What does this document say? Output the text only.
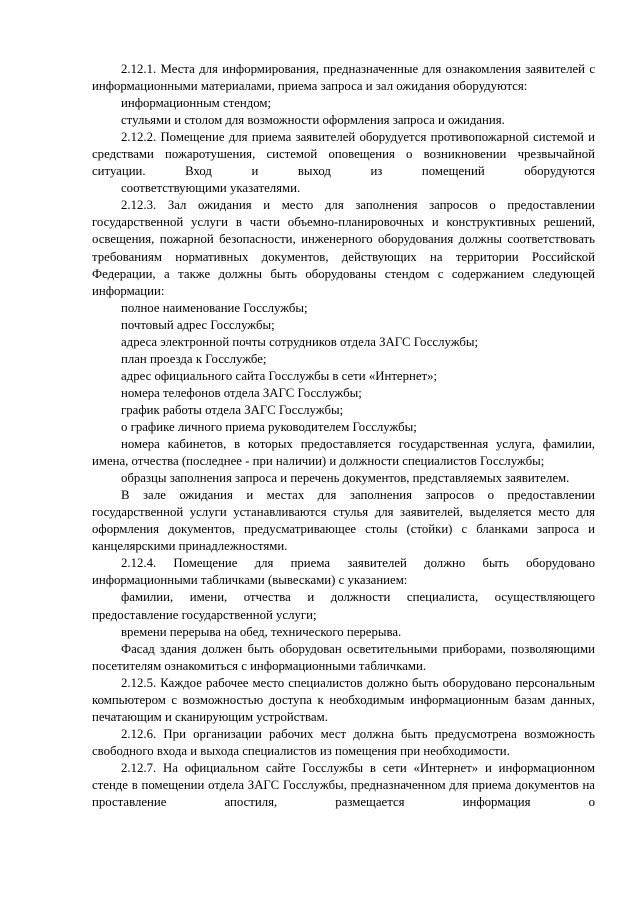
2.12.1. Места для информирования, предназначенные для ознакомления заявителей с информационными материалами, приема запроса и зал ожидания оборудуются:

информационным стендом;

стульями и столом для возможности оформления запроса и ожидания.

2.12.2. Помещение для приема заявителей оборудуется противопожарной системой и средствами пожаротушения, системой оповещения о возникновении чрезвычайной ситуации. Вход и выход из помещений оборудуются

соответствующими указателями.

2.12.3. Зал ожидания и место для заполнения запросов о предоставлении государственной услуги в части объемно-планировочных и конструктивных решений, освещения, пожарной безопасности, инженерного оборудования должны соответствовать требованиям нормативных документов, действующих на территории Российской Федерации, а также должны быть оборудованы стендом с содержанием следующей информации:

полное наименование Госслужбы;

почтовый адрес Госслужбы;

адреса электронной почты сотрудников отдела ЗАГС Госслужбы;

план проезда к Госслужбе;

адрес официального сайта Госслужбы в сети «Интернет»;

номера телефонов отдела ЗАГС Госслужбы;

график работы отдела ЗАГС Госслужбы;

о графике личного приема руководителем Госслужбы;

номера кабинетов, в которых предоставляется государственная услуга, фамилии, имена, отчества (последнее - при наличии) и должности специалистов Госслужбы;

образцы заполнения запроса и перечень документов, представляемых заявителем.

В зале ожидания и местах для заполнения запросов о предоставлении государственной услуги устанавливаются стулья для заявителей, выделяется место для оформления документов, предусматривающее столы (стойки) с бланками запроса и канцелярскими принадлежностями.

2.12.4. Помещение для приема заявителей должно быть оборудовано информационными табличками (вывесками) с указанием:

фамилии, имени, отчества и должности специалиста, осуществляющего предоставление государственной услуги;

времени перерыва на обед, технического перерыва.

Фасад здания должен быть оборудован осветительными приборами, позволяющими посетителям ознакомиться с информационными табличками.

2.12.5. Каждое рабочее место специалистов должно быть оборудовано персональным компьютером с возможностью доступа к необходимым информационным базам данных, печатающим и сканирующим устройствам.

2.12.6. При организации рабочих мест должна быть предусмотрена возможность свободного входа и выхода специалистов из помещения при необходимости.

2.12.7. На официальном сайте Госслужбы в сети «Интернет» и информационном стенде в помещении отдела ЗАГС Госслужбы, предназначенном для приема документов на проставление апостиля, размещается информация о
